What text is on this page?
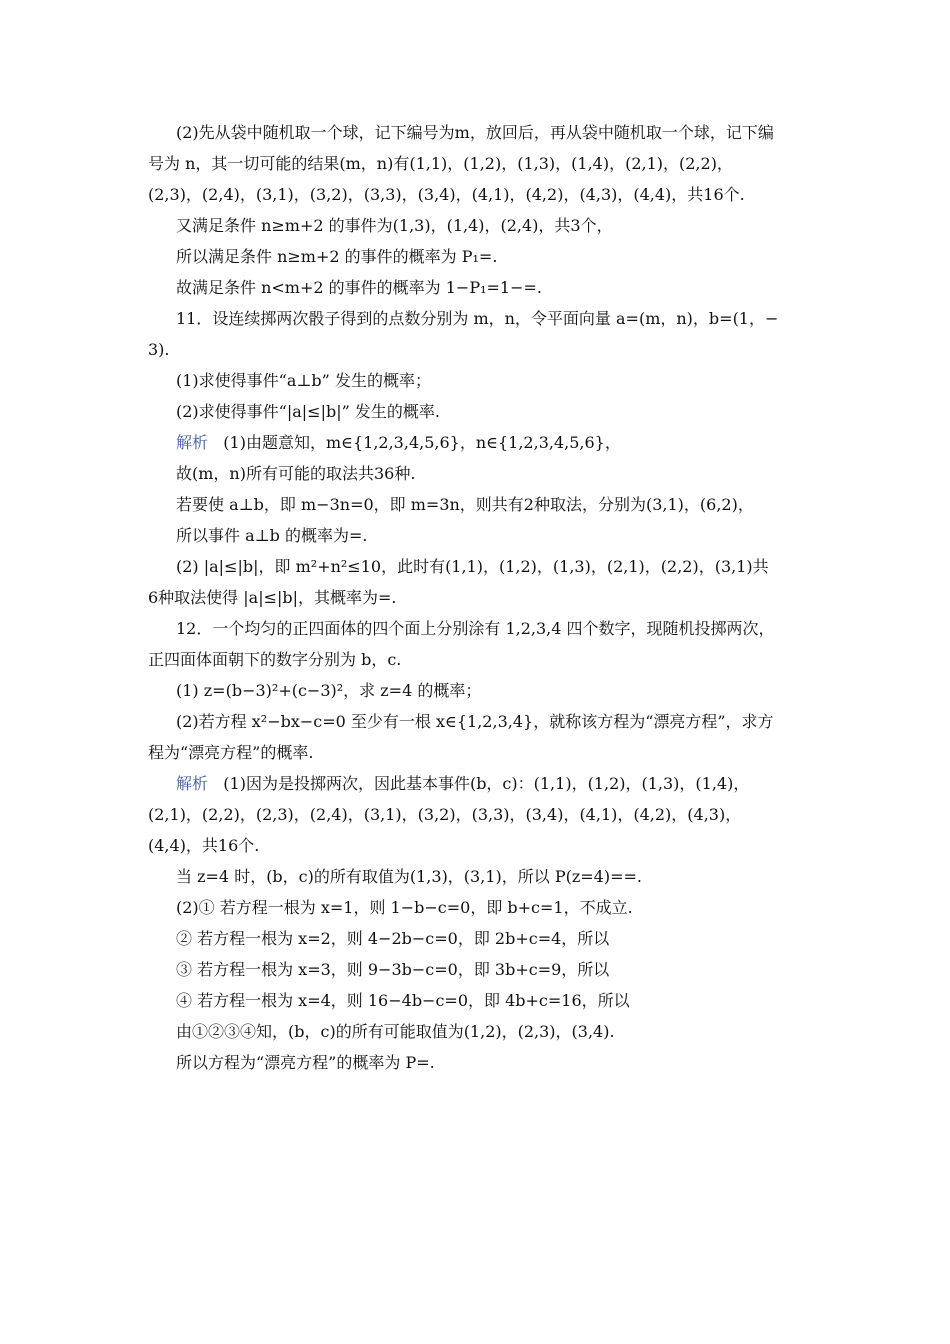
(2)先从袋中随机取一个球，记下编号为m，放回后，再从袋中随机取一个球，记下编
号为 n，其一切可能的结果(m，n)有(1,1)，(1,2)，(1,3)，(1,4)，(2,1)，(2,2)，
(2,3)，(2,4)，(3,1)，(3,2)，(3,3)，(3,4)，(4,1)，(4,2)，(4,3)，(4,4)，共16个.
又满足条件 n≥m+2 的事件为(1,3)，(1,4)，(2,4)，共3个，
所以满足条件 n≥m+2 的事件的概率为 P₁=.
故满足条件 n<m+2 的事件的概率为 1−P₁=1−=.
11．设连续掷两次骰子得到的点数分别为 m，n，令平面向量 a=(m，n)，b=(1，−
3).
(1)求使得事件“a⊥b” 发生的概率；
(2)求使得事件“|a|≤|b|” 发生的概率.
解析 (1)由题意知，m∈{1,2,3,4,5,6}，n∈{1,2,3,4,5,6}，
故(m，n)所有可能的取法共36种.
若要使 a⊥b，即 m−3n=0，即 m=3n，则共有2种取法，分别为(3,1)，(6,2)，
所以事件 a⊥b 的概率为=.
(2) |a|≤|b|，即 m²+n²≤10，此时有(1,1)，(1,2)，(1,3)，(2,1)，(2,2)，(3,1)共
6种取法使得 |a|≤|b|，其概率为=.
12．一个均匀的正四面体的四个面上分别涂有 1,2,3,4 四个数字，现随机投掷两次，
正四面体面朝下的数字分别为 b，c.
(1) z=(b−3)²+(c−3)²，求 z=4 的概率；
(2)若方程 x²−bx−c=0 至少有一根 x∈{1,2,3,4}，就称该方程为“漂亮方程”，求方
程为“漂亮方程”的概率.
解析 (1)因为是投掷两次，因此基本事件(b，c)：(1,1)，(1,2)，(1,3)，(1,4)，
(2,1)，(2,2)，(2,3)，(2,4)，(3,1)，(3,2)，(3,3)，(3,4)，(4,1)，(4,2)，(4,3)，
(4,4)，共16个.
当 z=4 时，(b，c)的所有取值为(1,3)，(3,1)，所以 P(z=4)==.
(2)① 若方程一根为 x=1，则 1−b−c=0，即 b+c=1，不成立.
② 若方程一根为 x=2，则 4−2b−c=0，即 2b+c=4，所以
③ 若方程一根为 x=3，则 9−3b−c=0，即 3b+c=9，所以
④ 若方程一根为 x=4，则 16−4b−c=0，即 4b+c=16，所以
由①②③④知，(b，c)的所有可能取值为(1,2)，(2,3)，(3,4).
所以方程为“漂亮方程”的概率为 P=.
